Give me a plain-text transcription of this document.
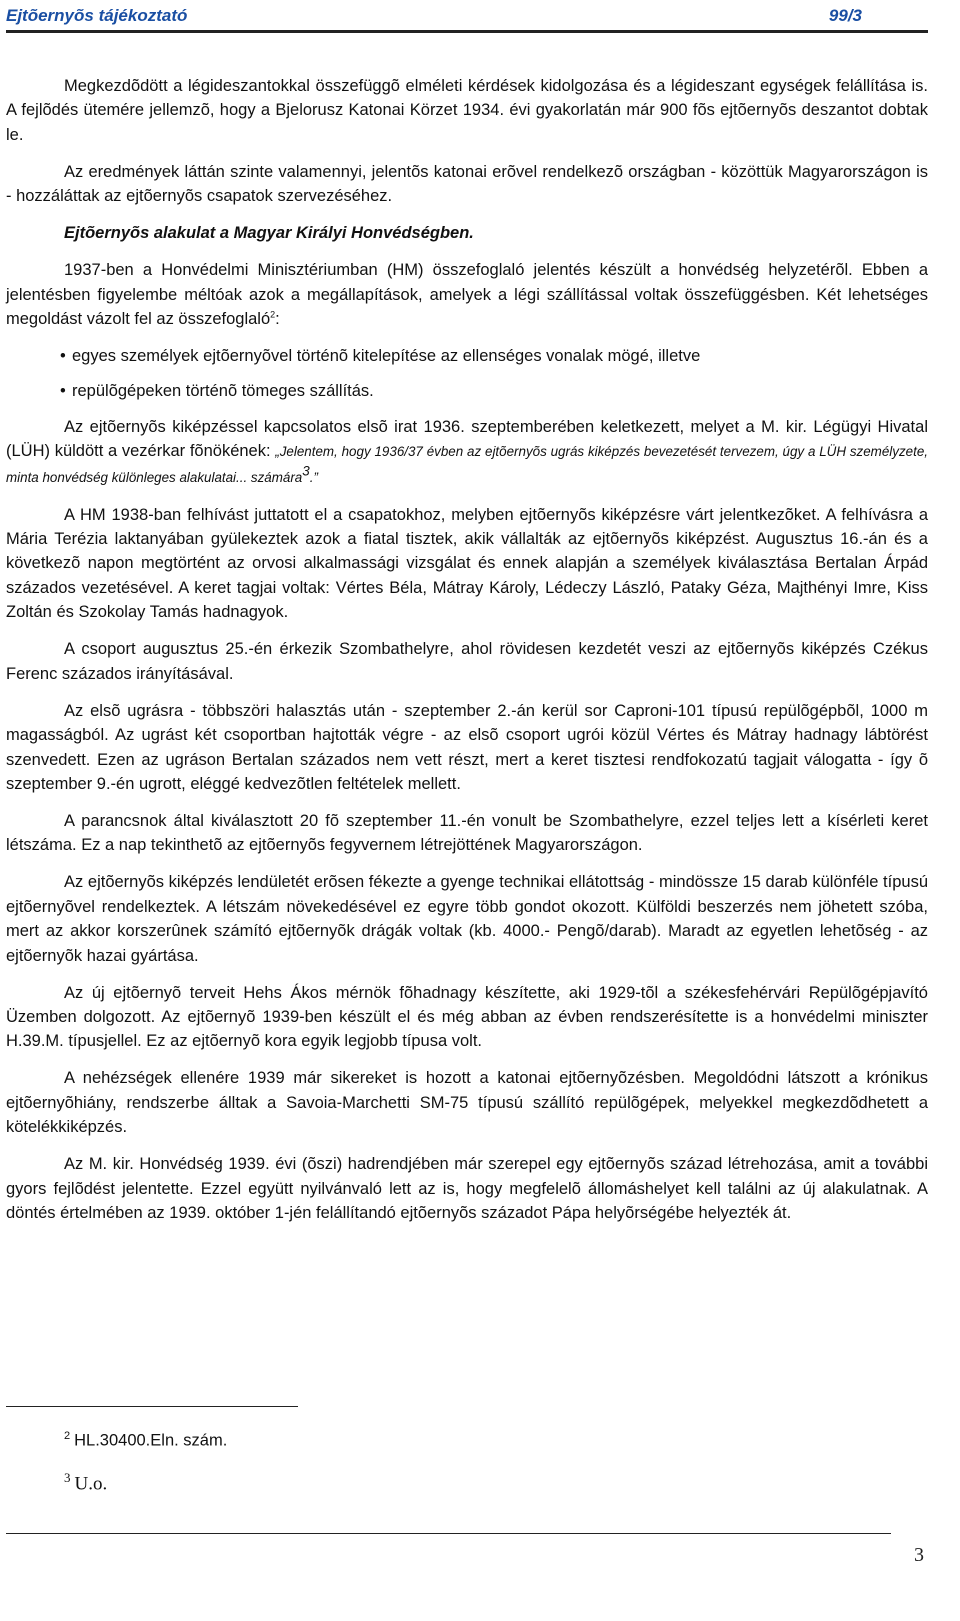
Ejtõernyõs tájékoztató	99/3

Megkezdõdött a légideszantokkal összefüggõ elméleti kérdések kidolgozása és a légideszant egységek felállítása is. A fejlõdés ütemére jellemzõ, hogy a Bjelorusz Katonai Körzet 1934. évi gyakorlatán már 900 fõs ejtõernyõs deszantot dobtak le.

Az eredmények láttán szinte valamennyi, jelentõs katonai erõvel rendelkezõ országban - közöttük Magyarországon is - hozzáláttak az ejtõernyõs csapatok szervezéséhez.

Ejtõernyõs alakulat a Magyar Királyi Honvédségben.

1937-ben a Honvédelmi Minisztériumban (HM) összefoglaló jelentés készült a honvédség helyzetérõl. Ebben a jelentésben figyelembe méltóak azok a megállapítások, amelyek a légi szállítással voltak összefüggésben. Két lehetséges megoldást vázolt fel az összefoglaló$^2$:

• egyes személyek ejtõernyõvel történõ kitelepítése az ellenséges vonalak mögé, illetve
• repülõgépeken történõ tömeges szállítás.

Az ejtõernyõs kiképzéssel kapcsolatos elsõ irat 1936. szeptemberében keletkezett, melyet a M. kir. Légügyi Hivatal (LÜH) küldött a vezérkar fõnökének: „Jelentem, hogy 1936/37 évben az ejtõernyõs ugrás kiképzés bevezetését tervezem, úgy a LÜH személyzete, minta honvédség különleges alakulatai... számára$^3$.”

A HM 1938-ban felhívást juttatott el a csapatokhoz, melyben ejtõernyõs kiképzésre várt jelentkezõket. A felhívásra a Mária Terézia laktanyában gyülekeztek azok a fiatal tisztek, akik vállalták az ejtõernyõs kiképzést. Augusztus 16.-án és a következõ napon megtörtént az orvosi alkalmassági vizsgálat és ennek alapján a személyek kiválasztása Bertalan Árpád százados vezetésével. A keret tagjai voltak: Vértes Béla, Mátray Károly, Lédeczy László, Pataky Géza, Majthényi Imre, Kiss Zoltán és Szokolay Tamás hadnagyok.

A csoport augusztus 25.-én érkezik Szombathelyre, ahol rövidesen kezdetét veszi az ejtõernyõs kiképzés Czékus Ferenc százados irányításával.

Az elsõ ugrásra - többszöri halasztás után - szeptember 2.-án kerül sor Caproni-101 típusú repülõgépbõl, 1000 m magasságból. Az ugrást két csoportban hajtották végre - az elsõ csoport ugrói közül Vértes és Mátray hadnagy lábtörést szenvedett. Ezen az ugráson Bertalan százados nem vett részt, mert a keret tisztesi rendfokozatú tagjait válogatta - így õ szeptember 9.-én ugrott, eléggé kedvezõtlen feltételek mellett.

A parancsnok által kiválasztott 20 fõ szeptember 11.-én vonult be Szombathelyre, ezzel teljes lett a kísérleti keret létszáma. Ez a nap tekinthetõ az ejtõernyõs fegyvernem létrejöttének Magyarországon.

Az ejtõernyõs kiképzés lendületét erõsen fékezte a gyenge technikai ellátottság - mindössze 15 darab különféle típusú ejtõernyõvel rendelkeztek. A létszám növekedésével ez egyre több gondot okozott. Külföldi beszerzés nem jöhetett szóba, mert az akkor korszerûnek számító ejtõernyõk drágák voltak (kb. 4000.- Pengõ/darab). Maradt az egyetlen lehetõség - az ejtõernyõk hazai gyártása.

Az új ejtõernyõ terveit Hehs Ákos mérnök fõhadnagy készítette, aki 1929-tõl a székesfehérvári Repülõgépjavító Üzemben dolgozott. Az ejtõernyõ 1939-ben készült el és még abban az évben rendszerésítette is a honvédelmi miniszter H.39.M. típusjellel. Ez az ejtõernyõ kora egyik legjobb típusa volt.

A nehézségek ellenére 1939 már sikereket is hozott a katonai ejtõernyõzésben. Megoldódni látszott a krónikus ejtõernyõhiány, rendszerbe álltak a Savoia-Marchetti SM-75 típusú szállító repülõgépek, melyekkel megkezdõdhetett a kötelékkiképzés.

Az M. kir. Honvédség 1939. évi (õszi) hadrendjében már szerepel egy ejtõernyõs század létrehozása, amit a további gyors fejlõdést jelentette. Ezzel együtt nyilvánvaló lett az is, hogy megfelelõ állomáshelyet kell találni az új alakulatnak. A döntés értelmében az 1939. október 1-jén felállítandó ejtõernyõs századot Pápa helyõrségébe helyezték át.

$^2$ HL.30400.Eln. szám.
$^3$ U.o.
3
